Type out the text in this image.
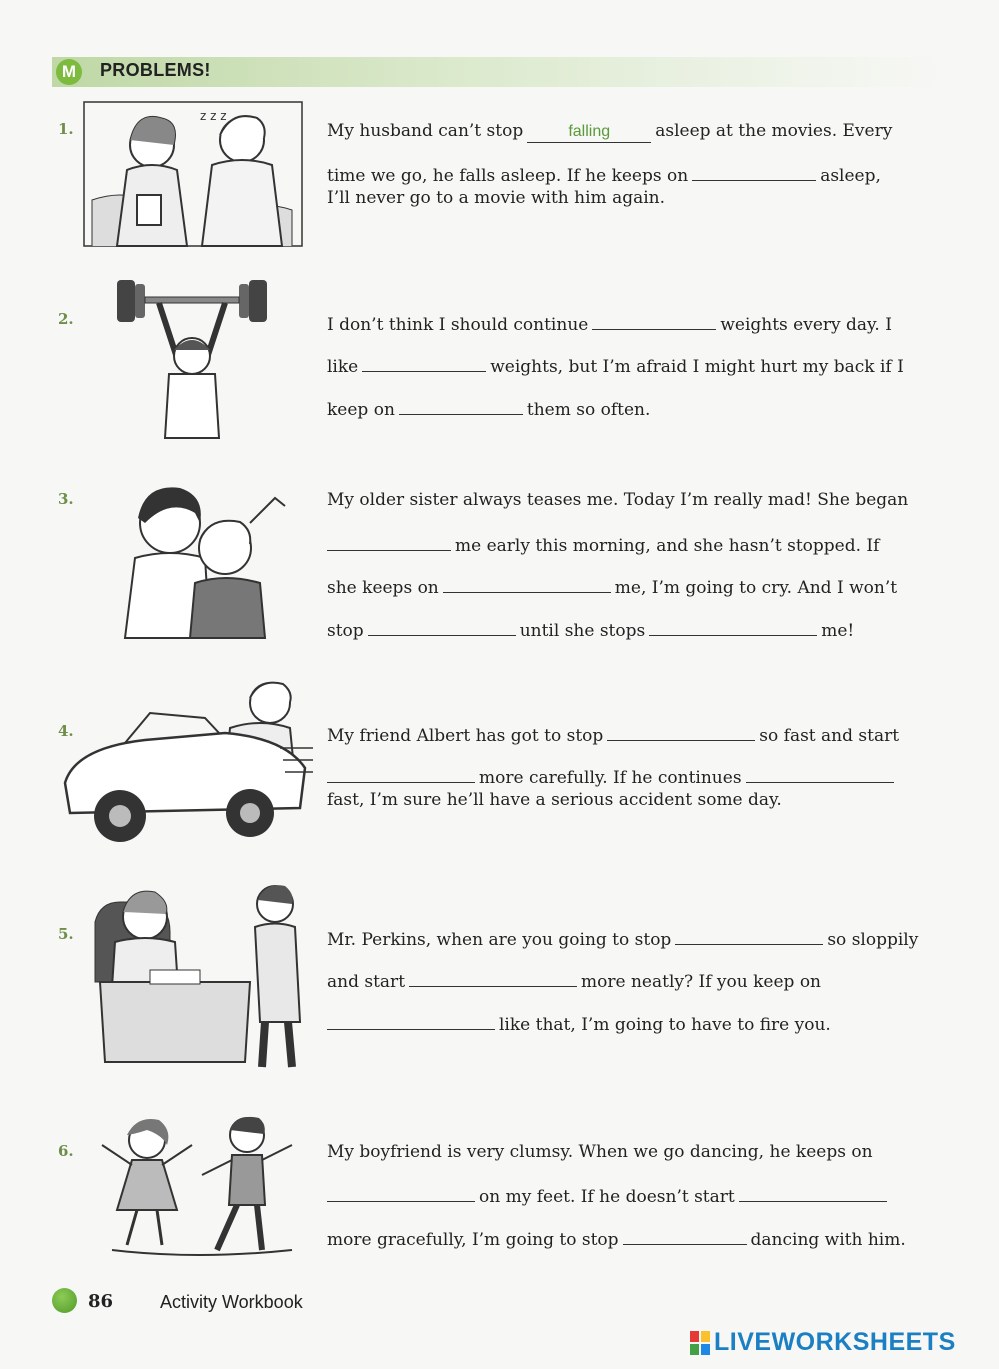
M	PROBLEMS!
1.
z z z
My husband can’t stop	falling	asleep at the movies. Every
time we go, he falls asleep. If he keeps on	asleep,
I’ll never go to a movie with him again.
2.	I don’t think I should continue	weights every day. I
like	weights, but I’m afraid I might hurt my back if I
keep on	them so often.
3.	My older sister always teases me. Today I’m really mad! She began
me early this morning, and she hasn’t stopped. If
she keeps on	me, I’m going to cry. And I won’t
stop	until she stops	me!
4.	My friend Albert has got to stop	so fast and start
more carefully. If he continues
fast, I’m sure he’ll have a serious accident some day.
5.	Mr. Perkins, when are you going to stop	so sloppily
and start	more neatly? If you keep on
like that, I’m going to have to fire you.
6.	My boyfriend is very clumsy. When we go dancing, he keeps on
on my feet. If he doesn’t start
more gracefully, I’m going to stop	dancing with him.
86	Activity Workbook
LIVEWORKSHEETS
